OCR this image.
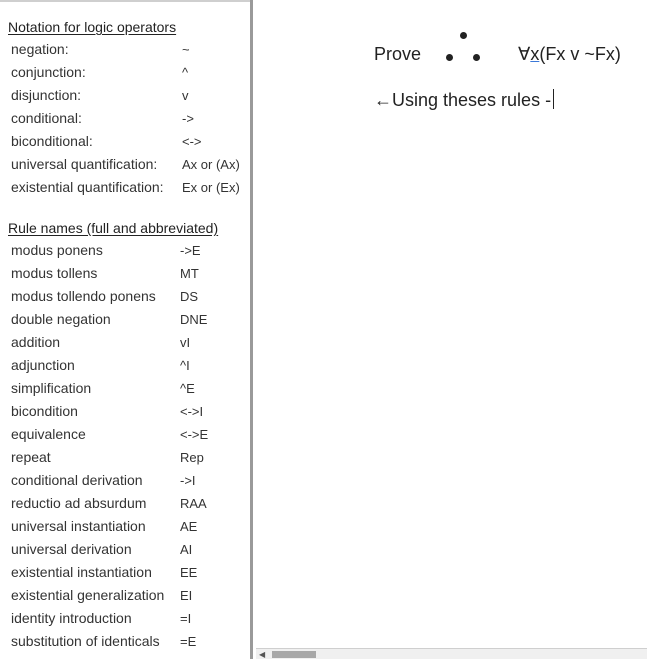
Notation for logic operators
negation:	~
conjunction:	^
disjunction:	v
conditional:	->
biconditional:	<->
universal quantification: Ax or (Ax)
existential quantification: Ex or (Ex)
Rule names (full and abbreviated)
modus ponens	->E
modus tollens	MT
modus tollendo ponens DS
double negation	DNE
addition	vI
adjunction	^I
simplification	^E
bicondition	<->I
equivalence	<->E
repeat	Rep
conditional derivation	->I
reductio ad absurdum	RAA
universal instantiation	AE
universal derivation	AI
existential instantiation EE
existential generalization EI
identity introduction	=I
substitution of identicals =E
Prove	∀x(Fx v ~Fx)
←Using theses rules -
◀
